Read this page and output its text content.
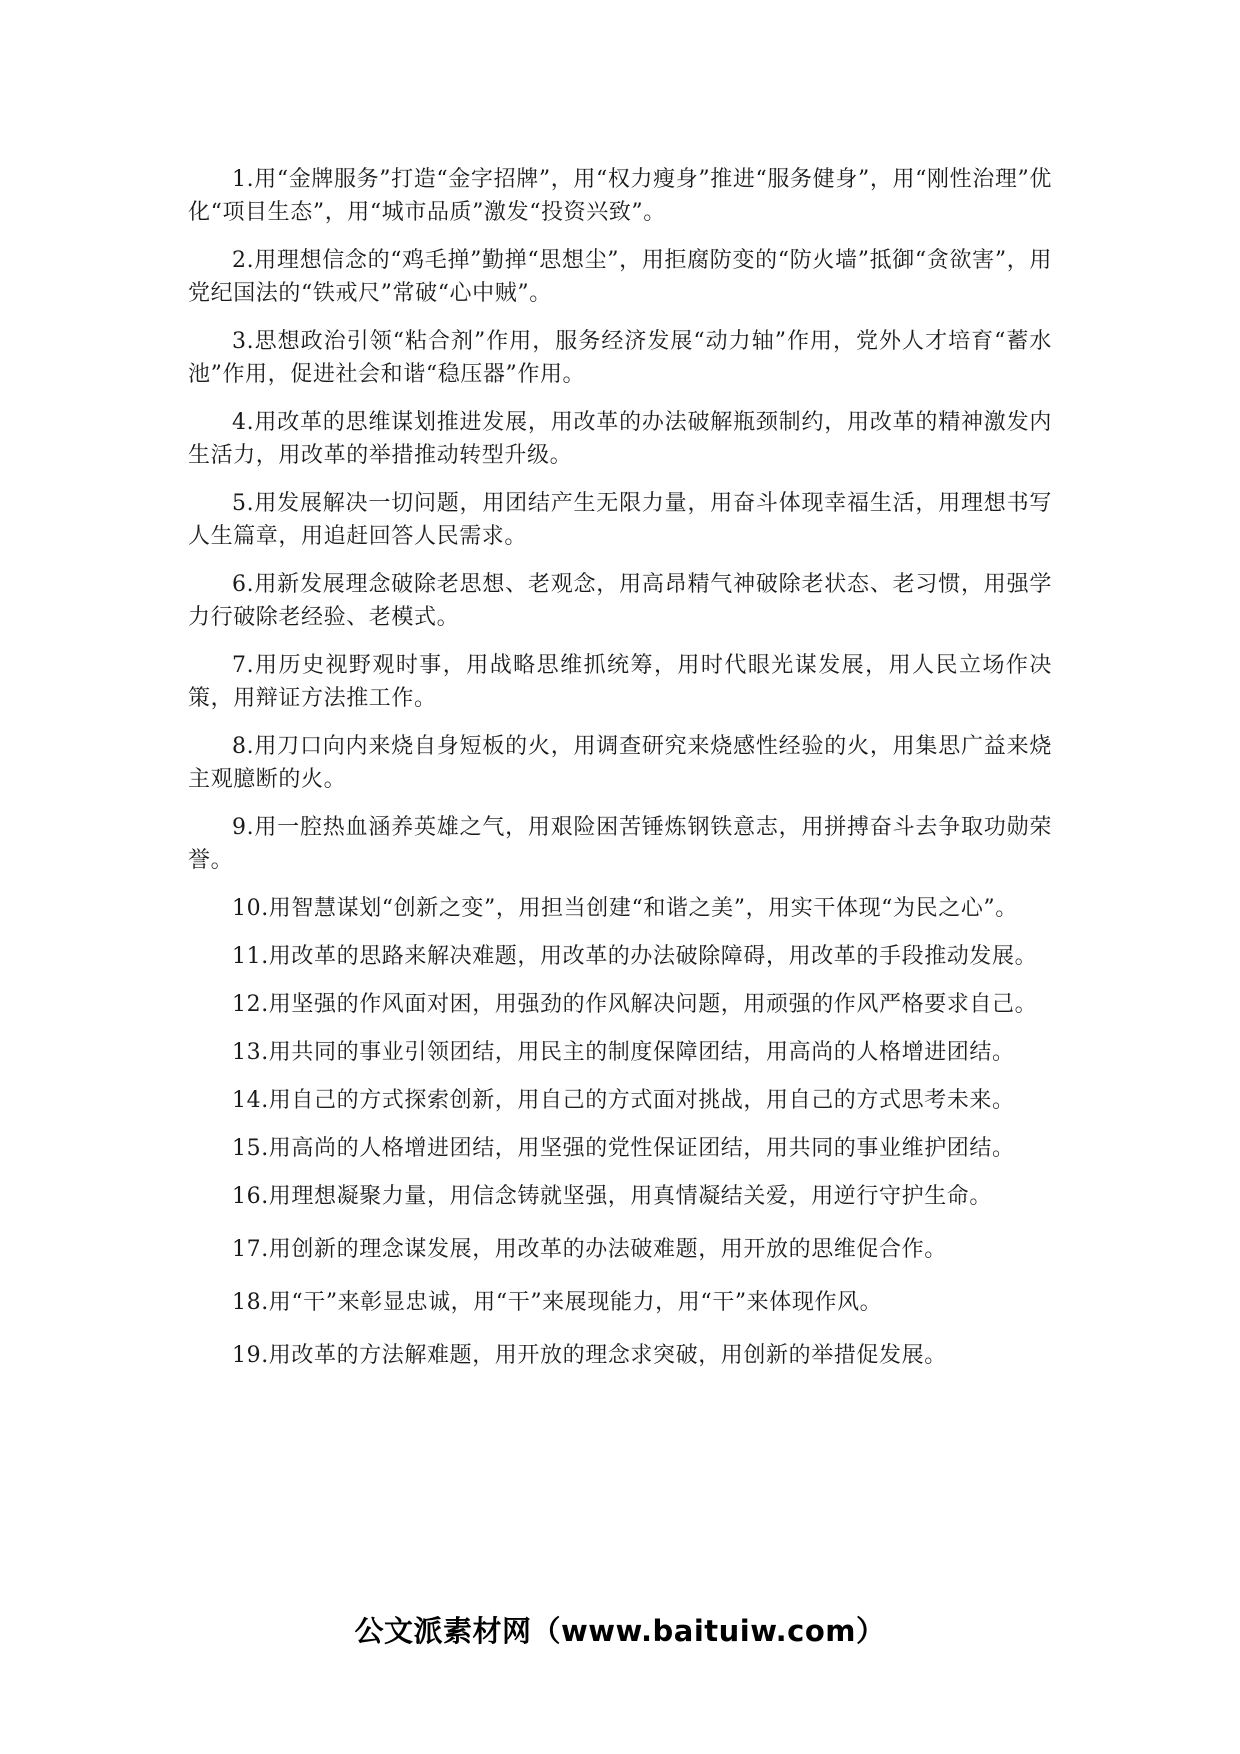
1.用“金牌服务”打造“金字招牌”，用“权力瘦身”推进“服务健身”，用“刚性治理”优化“项目生态”，用“城市品质”激发“投资兴致”。

2.用理想信念的“鸡毛掸”勤掸“思想尘”，用拒腐防变的“防火墙”抵御“贪欲害”，用党纪国法的“铁戒尺”常破“心中贼”。

3.思想政治引领“粘合剂”作用，服务经济发展“动力轴”作用，党外人才培育“蓄水池”作用，促进社会和谐“稳压器”作用。

4.用改革的思维谋划推进发展，用改革的办法破解瓶颈制约，用改革的精神激发内生活力，用改革的举措推动转型升级。

5.用发展解决一切问题，用团结产生无限力量，用奋斗体现幸福生活，用理想书写人生篇章，用追赶回答人民需求。

6.用新发展理念破除老思想、老观念，用高昂精气神破除老状态、老习惯，用强学力行破除老经验、老模式。

7.用历史视野观时事，用战略思维抓统筹，用时代眼光谋发展，用人民立场作决策，用辩证方法推工作。

8.用刀口向内来烧自身短板的火，用调查研究来烧感性经验的火，用集思广益来烧主观臆断的火。

9.用一腔热血涵养英雄之气，用艰险困苦锤炼钢铁意志，用拼搏奋斗去争取功勋荣誉。

10.用智慧谋划“创新之变”，用担当创建“和谐之美”，用实干体现“为民之心”。

11.用改革的思路来解决难题，用改革的办法破除障碍，用改革的手段推动发展。

12.用坚强的作风面对困，用强劲的作风解决问题，用顽强的作风严格要求自己。

13.用共同的事业引领团结，用民主的制度保障团结，用高尚的人格增进团结。

14.用自己的方式探索创新，用自己的方式面对挑战，用自己的方式思考未来。

15.用高尚的人格增进团结，用坚强的党性保证团结，用共同的事业维护团结。

16.用理想凝聚力量，用信念铸就坚强，用真情凝结关爱，用逆行守护生命。

17.用创新的理念谋发展，用改革的办法破难题，用开放的思维促合作。

18.用“干”来彰显忠诚，用“干”来展现能力，用“干”来体现作风。

19.用改革的方法解难题，用开放的理念求突破，用创新的举措促发展。

公文派素材网（www.baituiw.com）
